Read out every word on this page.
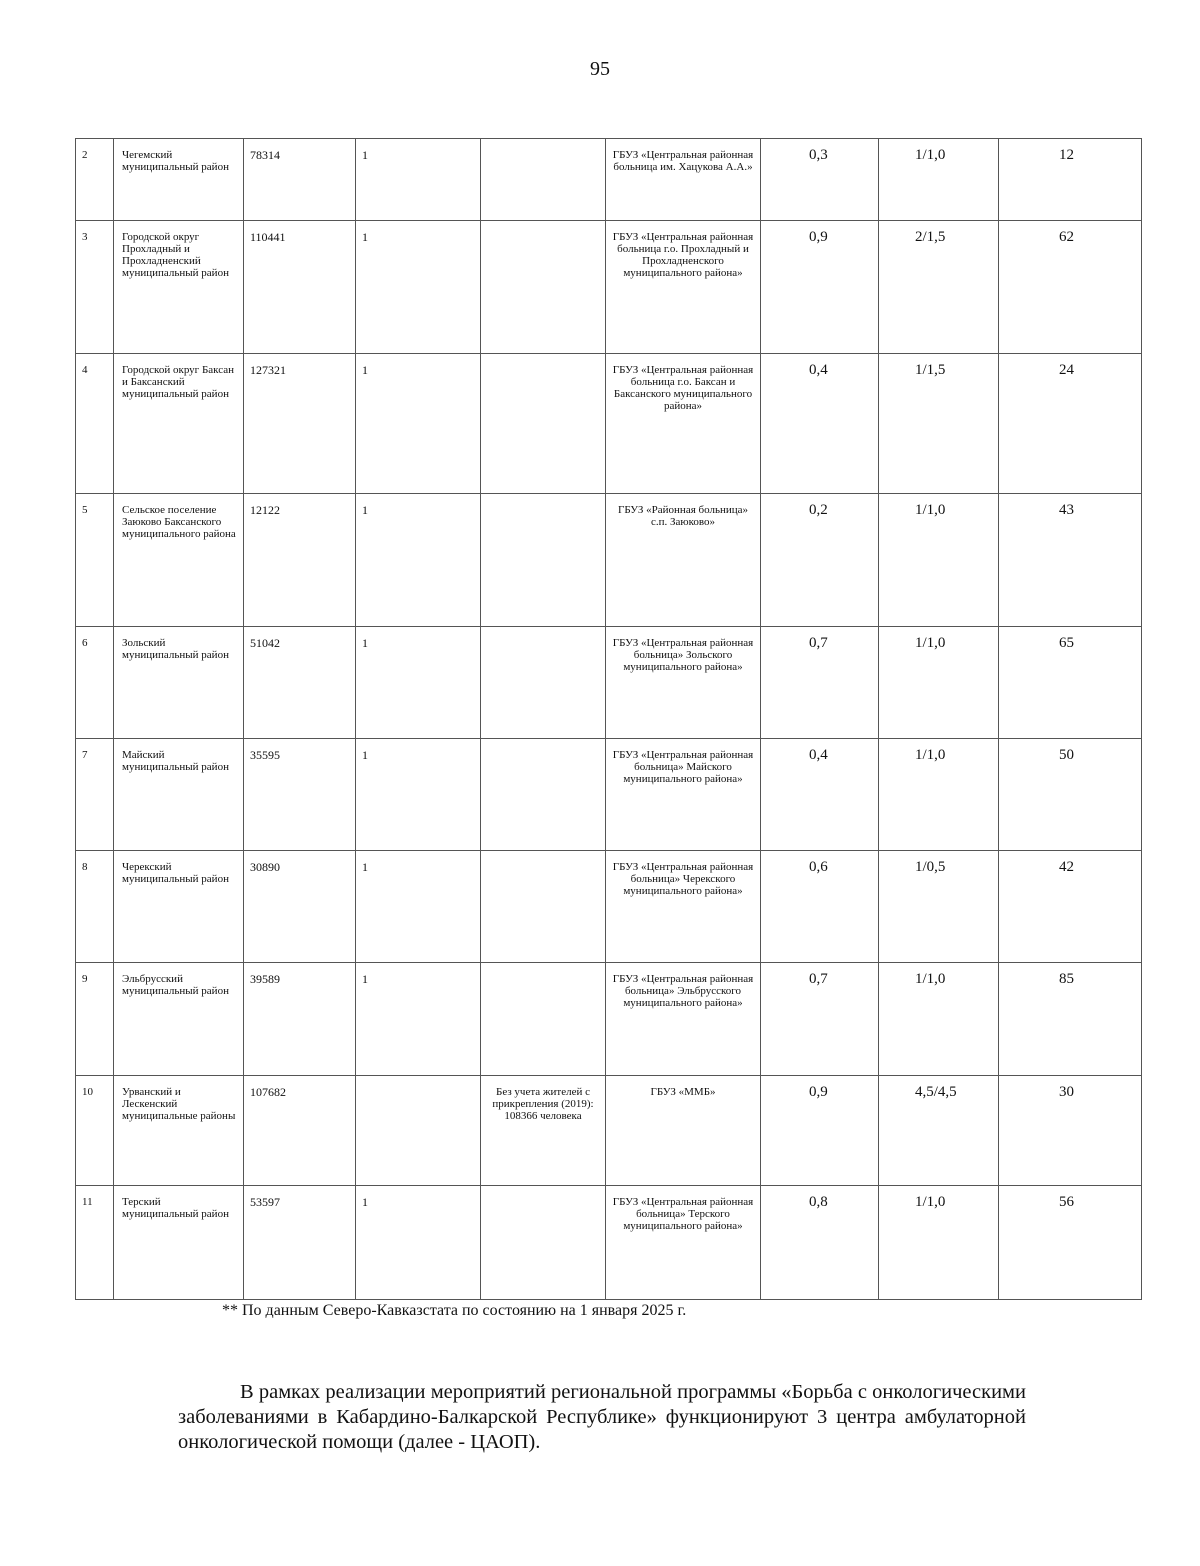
95
2	Чегемский муниципальный район	78314	1		ГБУЗ «Центральная районная больница им. Хацукова А.А.»	0,3	1/1,0	12
3	Городской округ Прохладный и Прохладненский муниципальный район	110441	1		ГБУЗ «Центральная районная больница г.о. Прохладный и Прохладненского муниципального района»	0,9	2/1,5	62
4	Городской округ Баксан и Баксанский муниципальный район	127321	1		ГБУЗ «Центральная районная больница г.о. Баксан и Баксанского муниципального района»	0,4	1/1,5	24
5	Сельское поселение Заюково Баксанского муниципального района	12122	1		ГБУЗ «Районная больница» с.п. Заюково»	0,2	1/1,0	43
6	Зольский муниципальный район	51042	1		ГБУЗ «Центральная районная больница» Зольского муниципального района»	0,7	1/1,0	65
7	Майский муниципальный район	35595	1		ГБУЗ «Центральная районная больница» Майского муниципального района»	0,4	1/1,0	50
8	Черекский муниципальный район	30890	1		ГБУЗ «Центральная районная больница» Черекского муниципального района»	0,6	1/0,5	42
9	Эльбрусский муниципальный район	39589	1		ГБУЗ «Центральная районная больница» Эльбрусского муниципального района»	0,7	1/1,0	85
10	Урванский и Лескенский муниципальные районы	107682		Без учета жителей с прикрепления (2019): 108366 человека	ГБУЗ «ММБ»	0,9	4,5/4,5	30
11	Терский муниципальный район	53597	1		ГБУЗ «Центральная районная больница» Терского муниципального района»	0,8	1/1,0	56
** По данным Северо-Кавказстата по состоянию на 1 января 2025 г.

В рамках реализации мероприятий региональной программы «Борьба с онкологическими заболеваниями в Кабардино-Балкарской Республике» функционируют 3 центра амбулаторной онкологической помощи (далее - ЦАОП).
